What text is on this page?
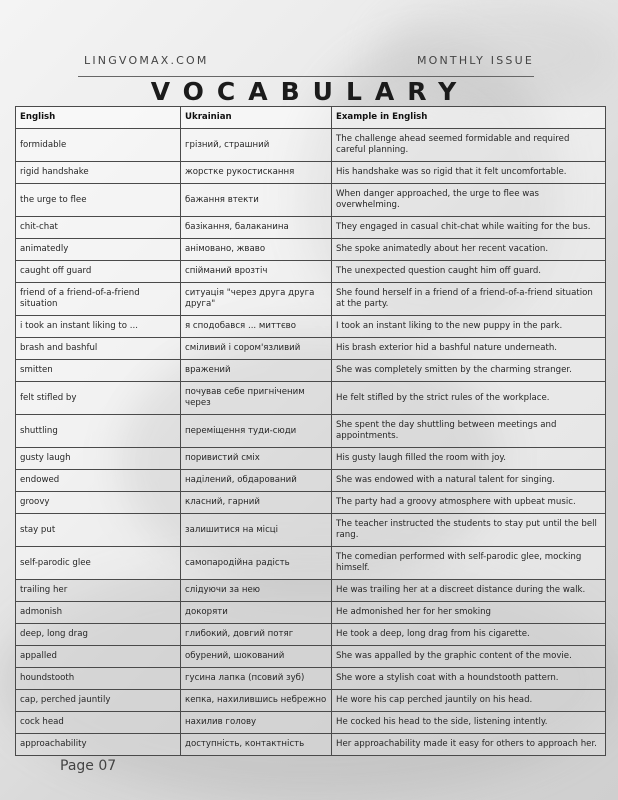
LINGVOMAX.COM	MONTHLY ISSUE
VOCABULARY
English	Ukrainian	Example in English
formidable	грізний, страшний	The challenge ahead seemed formidable and required careful planning.
rigid handshake	жорстке рукостискання	His handshake was so rigid that it felt uncomfortable.
the urge to flee	бажання втекти	When danger approached, the urge to flee was overwhelming.
chit-chat	базікання, балаканина	They engaged in casual chit-chat while waiting for the bus.
animatedly	анімовано, жваво	She spoke animatedly about her recent vacation.
caught off guard	спійманий врозтіч	The unexpected question caught him off guard.
friend of a friend-of-a-friend situation	ситуація "через друга друга друга"	She found herself in a friend of a friend-of-a-friend situation at the party.
i took an instant liking to ...	я сподобався ... миттєво	I took an instant liking to the new puppy in the park.
brash and bashful	сміливий і сором'язливий	His brash exterior hid a bashful nature underneath.
smitten	вражений	She was completely smitten by the charming stranger.
felt stifled by	почував себе пригніченим через	He felt stifled by the strict rules of the workplace.
shuttling	переміщення туди-сюди	She spent the day shuttling between meetings and appointments.
gusty laugh	поривистий сміх	His gusty laugh filled the room with joy.
endowed	наділений, обдарований	She was endowed with a natural talent for singing.
groovy	класний, гарний	The party had a groovy atmosphere with upbeat music.
stay put	залишитися на місці	The teacher instructed the students to stay put until the bell rang.
self-parodic glee	самопародійна радість	The comedian performed with self-parodic glee, mocking himself.
trailing her	слідуючи за нею	He was trailing her at a discreet distance during the walk.
admonish	докоряти	He admonished her for her smoking
deep, long drag	глибокий, довгий потяг	He took a deep, long drag from his cigarette.
appalled	обурений, шокований	She was appalled by the graphic content of the movie.
houndstooth	гусина лапка (псовий зуб)	She wore a stylish coat with a houndstooth pattern.
cap, perched jauntily	кепка, нахилившись небрежно	He wore his cap perched jauntily on his head.
cock head	нахилив голову	He cocked his head to the side, listening intently.
approachability	доступність, контактність	Her approachability made it easy for others to approach her.
Page 07
